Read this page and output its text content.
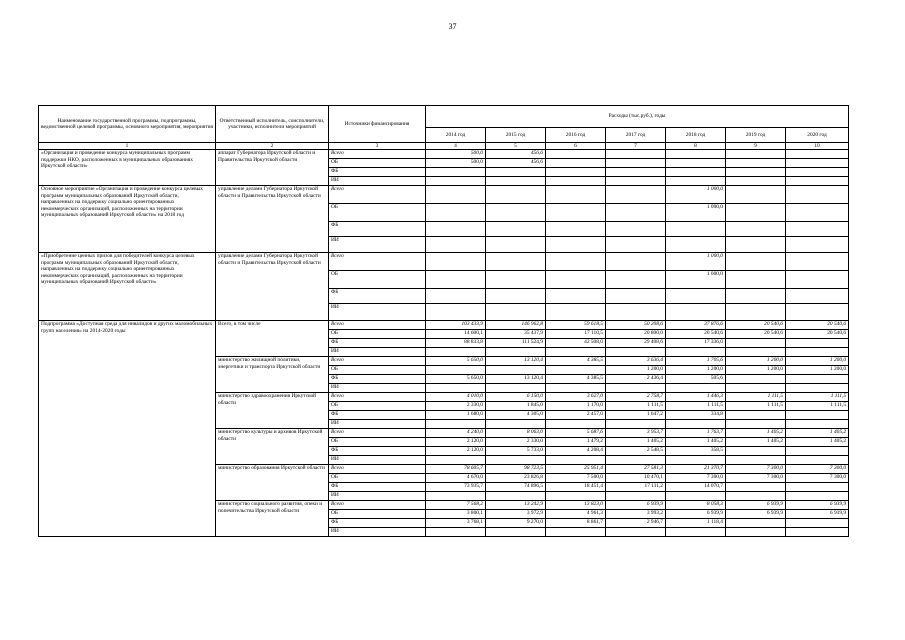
37
Наименование государственной программы, подпрограммы, ведомственной целевой программы, основного мероприятия, мероприятия	Ответственный исполнитель, соисполнители, участники, исполнители мероприятий	Источники финансирования	Расходы (тыс.руб.), годы						
			2014 год	2015 год	2016 год	2017 год	2018 год	2019 год	2020 год
1	2	3	4	5	6	7	8	9	10
«Организация и проведение конкурса муниципальных программ поддержки НКО, расположенных в муниципальных образованиях Иркутской области»	аппарат Губернатора Иркутской области и Правительства Иркутской области	Всего	500,0	456,6					
		ОБ	500,0	456,6					
		ФБ							
		ИИ							
Основное мероприятие «Организация и проведение конкурса целевых программ муниципальных образований Иркутской области, направленных на поддержку социально ориентированных некоммерческих организаций, расположенных на территории муниципальных образований Иркутской области» на 2018 год	управление делами Губернатора Иркутской области и Правительства Иркутской области	Всего					1 000,0		
		ОБ					1 000,0		
		ФБ							
		ИИ							
«Приобретение ценных призов для победителей конкурса целевых программ муниципальных образований Иркутской области, направленных на поддержку социально ориентированных некоммерческих организаций, расположенных на территории муниципальных образований Иркутской области»	управление делами Губернатора Иркутской области и Правительства Иркутской области	Всего					1 000,0		
		ОБ					1 000,0		
		ФБ							
		ИИ							
Подпрограмма «Доступная среда для инвалидов и других маломобильных групп населения» на 2014-2020 годы	Всего, в том числе	Всего	103 433,9	146 962,8	59 618,5	50 208,6	37 876,6	20 540,6	20 540,6
		ОБ	14 600,1	35 437,9	17 110,5	20 800,0	20 540,6	20 540,6	20 540,6
		ФБ	88 833,8	111 524,9	42 508,0	29 408,6	17 336,0		
		ИИ							
	министерство жилищной политики, энергетики и транспорта Иркутской области	Всего	5 650,0	13 120,4	4 385,5	3 636,4	1 705,6	1 200,0	1 200,0
		ОБ				1 200,0	1 200,0	1 200,0	1 200,0
		ФБ	5 650,0	13 120,4	4 385,5	2 436,4	505,6		
		ИИ							
	министерство здравоохранения Иркутской области	Всего	4 010,0	6 150,0	3 627,0	2 758,7	1 446,3	1 111,5	1 111,5
		ОБ	2 330,0	1 845,0	1 170,0	1 111,5	1 111,5	1 111,5	1 111,5
		ФБ	1 680,0	4 305,0	2 457,0	1 647,2	334,8		
		ИИ							
	министерство культуры и архивов Иркутской области	Всего	4 240,0	8 063,0	5 687,6	3 953,7	1 763,7	1 405,2	1 405,2
		ОБ	2 120,0	2 330,0	1 479,2	1 405,2	1 405,2	1 405,2	1 405,2
		ФБ	2 120,0	5 733,0	4 208,4	2 548,5	358,5		
		ИИ							
	министерство образования Иркутской области	Всего	78 605,7	98 723,5	25 951,4	27 581,3	21 370,7	7 300,0	7 300,0
		ОБ	4 670,0	23 826,8	7 500,0	10 470,1	7 300,0	7 300,0	7 300,0
		ФБ	73 935,7	74 896,5	18 451,4	17 111,2	14 070,7		
		ИИ							
	министерство социального развития, опеки и попечительства Иркутской области	Всего	7 568,2	13 242,9	13 823,0	6 939,9	8 058,3	6 939,9	6 939,9
		ОБ	3 800,1	3 972,9	4 961,3	3 993,2	6 939,9	6 939,9	6 939,9
		ФБ	3 768,1	9 270,0	8 861,7	2 946,7	1 118,4		
		ИИ							
